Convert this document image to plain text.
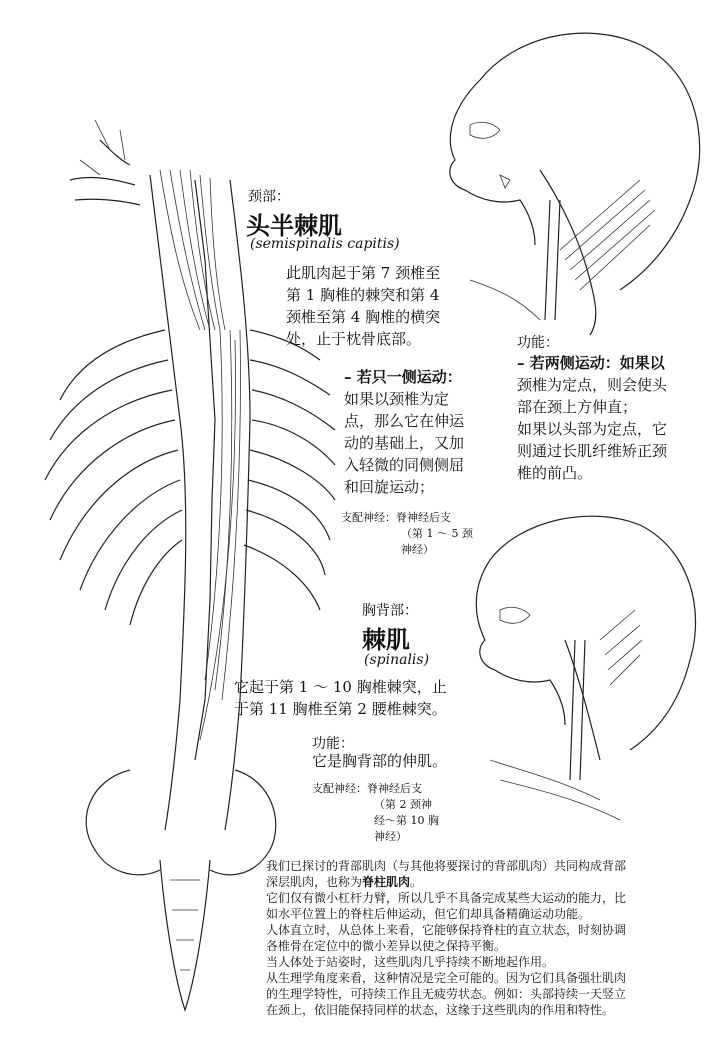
颈部：
头半棘肌
(semispinalis capitis)
此肌肉起于第 7 颈椎至
第 1 胸椎的棘突和第 4
颈椎至第 4 胸椎的横突
处，止于枕骨底部。
– 若只一侧运动：
如果以颈椎为定
点，那么它在伸运
动的基础上，又加
入轻微的同侧侧屈
和回旋运动；
功能：
– 若两侧运动：如果以
颈椎为定点，则会使头
部在颈上方伸直；
如果以头部为定点，它
则通过长肌纤维矫正颈
椎的前凸。
支配神经：脊神经后支
（第 1 ～ 5 颈
神经）
胸背部：
棘肌
(spinalis)
它起于第 1 ～ 10 胸椎棘突，止
于第 11 胸椎至第 2 腰椎棘突。
功能：
它是胸背部的伸肌。
支配神经：脊神经后支
（第 2 颈神
经～第 10 胸
神经）
我们已探讨的背部肌肉（与其他将要探讨的背部肌肉）共同构成背部
深层肌肉，也称为脊柱肌肉。
它们仅有微小杠杆力臂，所以几乎不具备完成某些大运动的能力，比
如水平位置上的脊柱后伸运动，但它们却具备精确运动功能。
人体直立时，从总体上来看，它能够保持脊柱的直立状态，时刻协调
各椎骨在定位中的微小差异以使之保持平衡。
当人体处于站姿时，这些肌肉几乎持续不断地起作用。
从生理学角度来看，这种情况是完全可能的。因为它们具备强壮肌肉
的生理学特性，可持续工作且无疲劳状态。例如：头部持续一天竖立
在颈上，依旧能保持同样的状态，这缘于这些肌肉的作用和特性。
